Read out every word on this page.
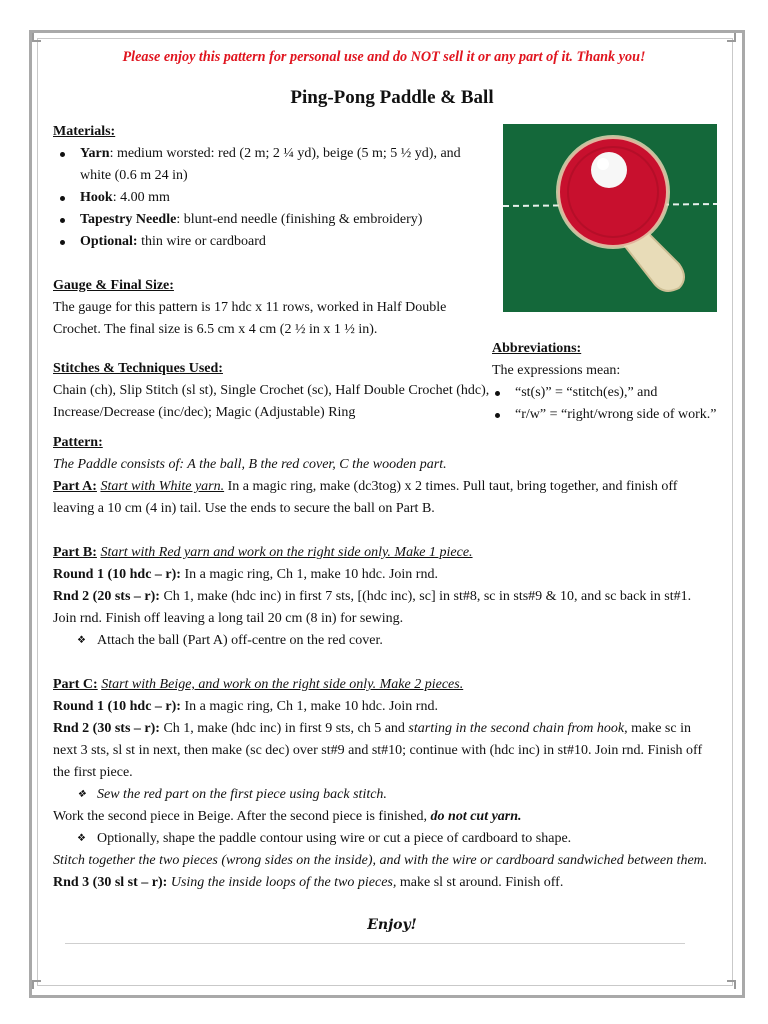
Please enjoy this pattern for personal use and do NOT sell it or any part of it. Thank you!
Ping-Pong Paddle & Ball
Materials:
Yarn: medium worsted: red (2 m; 2 ¼ yd), beige (5 m; 5 ½ yd), and
white (0.6 m 24 in)
Hook: 4.00 mm
Tapestry Needle: blunt-end needle (finishing & embroidery)
Optional: thin wire or cardboard
Gauge & Final Size:
The gauge for this pattern is 17 hdc x 11 rows, worked in Half Double
Crochet. The final size is 6.5 cm x 4 cm (2 ½ in x 1 ½ in).
Stitches & Techniques Used:
Chain (ch), Slip Stitch (sl st), Single Crochet (sc), Half Double Crochet (hdc),
Increase/Decrease (inc/dec); Magic (Adjustable) Ring
Abbreviations:
The expressions mean:
“st(s)” = “stitch(es),” and
“r/w” = “right/wrong side of work.”
Pattern:
The Paddle consists of: A the ball, B the red cover, C the wooden part.
Part A: Start with White yarn. In a magic ring, make (dc3tog) x 2 times. Pull taut, bring together, and finish off
leaving a 10 cm (4 in) tail. Use the ends to secure the ball on Part B.
Part B: Start with Red yarn and work on the right side only. Make 1 piece.
Round 1 (10 hdc – r): In a magic ring, Ch 1, make 10 hdc. Join rnd.
Rnd 2 (20 sts – r): Ch 1, make (hdc inc) in first 7 sts, [(hdc inc), sc] in st#8, sc in sts#9 & 10, and sc back in st#1.
Join rnd. Finish off leaving a long tail 20 cm (8 in) for sewing.
❖ Attach the ball (Part A) off-centre on the red cover.
Part C: Start with Beige, and work on the right side only. Make 2 pieces.
Round 1 (10 hdc – r): In a magic ring, Ch 1, make 10 hdc. Join rnd.
Rnd 2 (30 sts – r): Ch 1, make (hdc inc) in first 9 sts, ch 5 and starting in the second chain from hook, make sc in
next 3 sts, sl st in next, then make (sc dec) over st#9 and st#10; continue with (hdc inc) in st#10. Join rnd. Finish off
the first piece.
❖ Sew the red part on the first piece using back stitch.
Work the second piece in Beige. After the second piece is finished, do not cut yarn.
❖ Optionally, shape the paddle contour using wire or cut a piece of cardboard to shape.
Stitch together the two pieces (wrong sides on the inside), and with the wire or cardboard sandwiched between them.
Rnd 3 (30 sl st – r): Using the inside loops of the two pieces, make sl st around. Finish off.
Enjoy!
